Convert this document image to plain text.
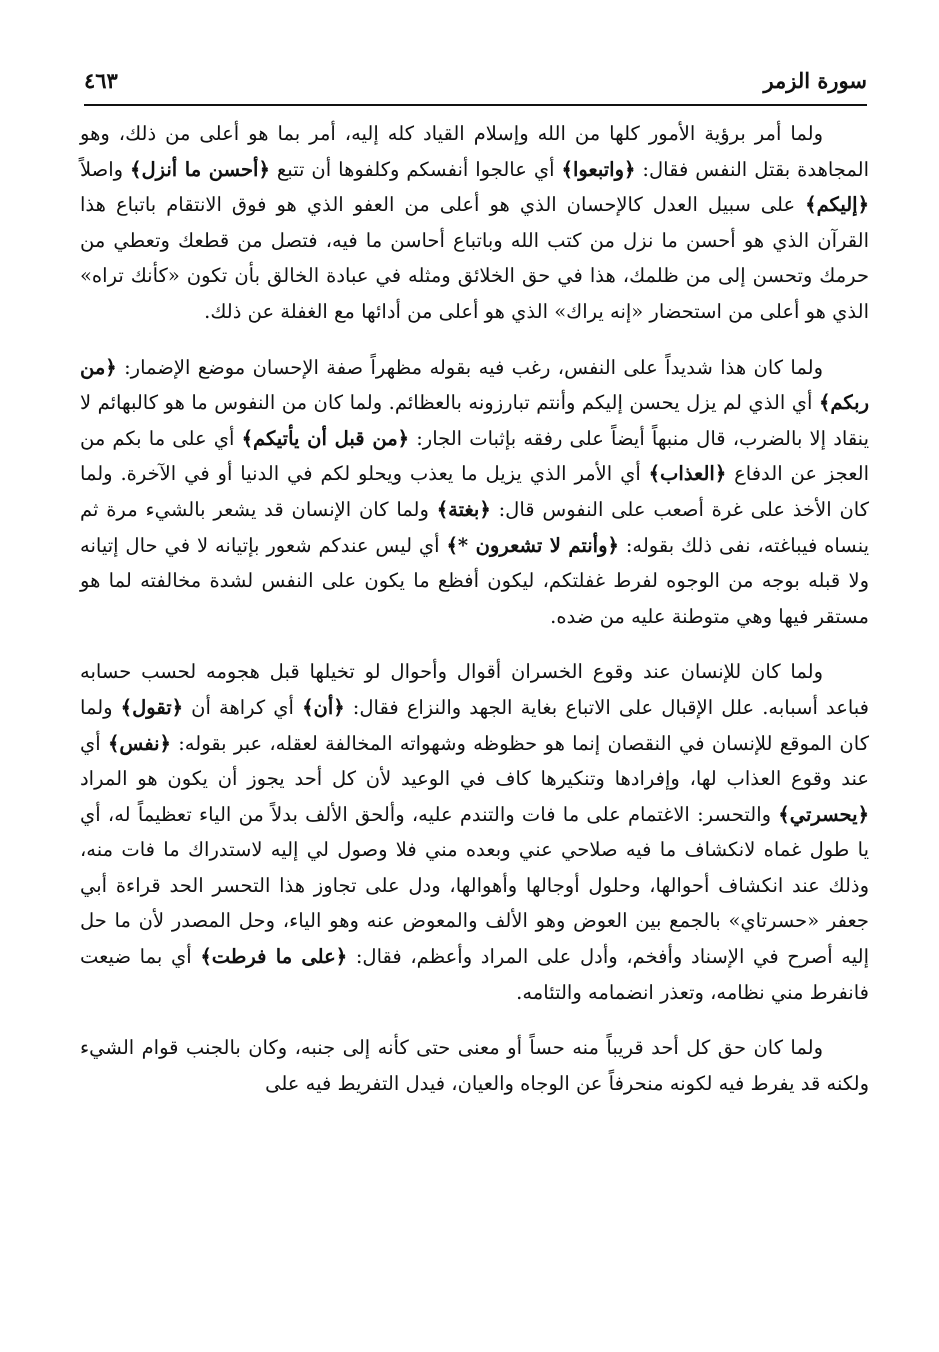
سورة الزمر
٤٦٣

ولما أمر برؤية الأمور كلها من الله وإسلام القياد كله إليه، أمر بما هو أعلى من ذلك، وهو المجاهدة بقتل النفس فقال: ﴿واتبعوا﴾ أي عالجوا أنفسكم وكلفوها أن تتبع ﴿أحسن ما أنزل﴾ واصلاً ﴿إليكم﴾ على سبيل العدل كالإحسان الذي هو أعلى من العفو الذي هو فوق الانتقام باتباع هذا القرآن الذي هو أحسن ما نزل من كتب الله وباتباع أحاسن ما فيه، فتصل من قطعك وتعطي من حرمك وتحسن إلى من ظلمك، هذا في حق الخلائق ومثله في عبادة الخالق بأن تكون «كأنك تراه» الذي هو أعلى من استحضار «إنه يراك» الذي هو أعلى من أدائها مع الغفلة عن ذلك.

ولما كان هذا شديداً على النفس، رغب فيه بقوله مظهراً صفة الإحسان موضع الإضمار: ﴿من ربكم﴾ أي الذي لم يزل يحسن إليكم وأنتم تبارزونه بالعظائم. ولما كان من النفوس ما هو كالبهائم لا ينقاد إلا بالضرب، قال منبهاً أيضاً على رفقه بإثبات الجار: ﴿من قبل أن يأتيكم﴾ أي على ما بكم من العجز عن الدفاع ﴿العذاب﴾ أي الأمر الذي يزيل ما يعذب ويحلو لكم في الدنيا أو في الآخرة. ولما كان الأخذ على غرة أصعب على النفوس قال: ﴿بغتة﴾ ولما كان الإنسان قد يشعر بالشيء مرة ثم ينساه فيباغته، نفى ذلك بقوله: ﴿وأنتم لا تشعرون *﴾ أي ليس عندكم شعور بإتيانه لا في حال إتيانه ولا قبله بوجه من الوجوه لفرط غفلتكم، ليكون أفظع ما يكون على النفس لشدة مخالفته لما هو مستقر فيها وهي متوطنة عليه من ضده.

ولما كان للإنسان عند وقوع الخسران أقوال وأحوال لو تخيلها قبل هجومه لحسب حسابه فباعد أسبابه. علل الإقبال على الاتباع بغاية الجهد والنزاع فقال: ﴿أن﴾ أي كراهة أن ﴿تقول﴾ ولما كان الموقع للإنسان في النقصان إنما هو حظوظه وشهواته المخالفة لعقله، عبر بقوله: ﴿نفس﴾ أي عند وقوع العذاب لها، وإفرادها وتنكيرها كاف في الوعيد لأن كل أحد يجوز أن يكون هو المراد ﴿يحسرتي﴾ والتحسر: الاغتمام على ما فات والتندم عليه، وألحق الألف بدلاً من الياء تعظيماً له، أي يا طول غماه لانكشاف ما فيه صلاحي عني وبعده مني فلا وصول لي إليه لاستدراك ما فات منه، وذلك عند انكشاف أحوالها، وحلول أوجالها وأهوالها، ودل على تجاوز هذا التحسر الحد قراءة أبي جعفر «حسرتاي» بالجمع بين العوض وهو الألف والمعوض عنه وهو الياء، وحل المصدر لأن ما حل إليه أصرح في الإسناد وأفخم، وأدل على المراد وأعظم، فقال: ﴿على ما فرطت﴾ أي بما ضيعت فانفرط مني نظامه، وتعذر انضمامه والتئامه.

ولما كان حق كل أحد قريباً منه حساً أو معنى حتى كأنه إلى جنبه، وكان بالجنب قوام الشيء ولكنه قد يفرط فيه لكونه منحرفاً عن الوجاه والعيان، فيدل التفريط فيه على
